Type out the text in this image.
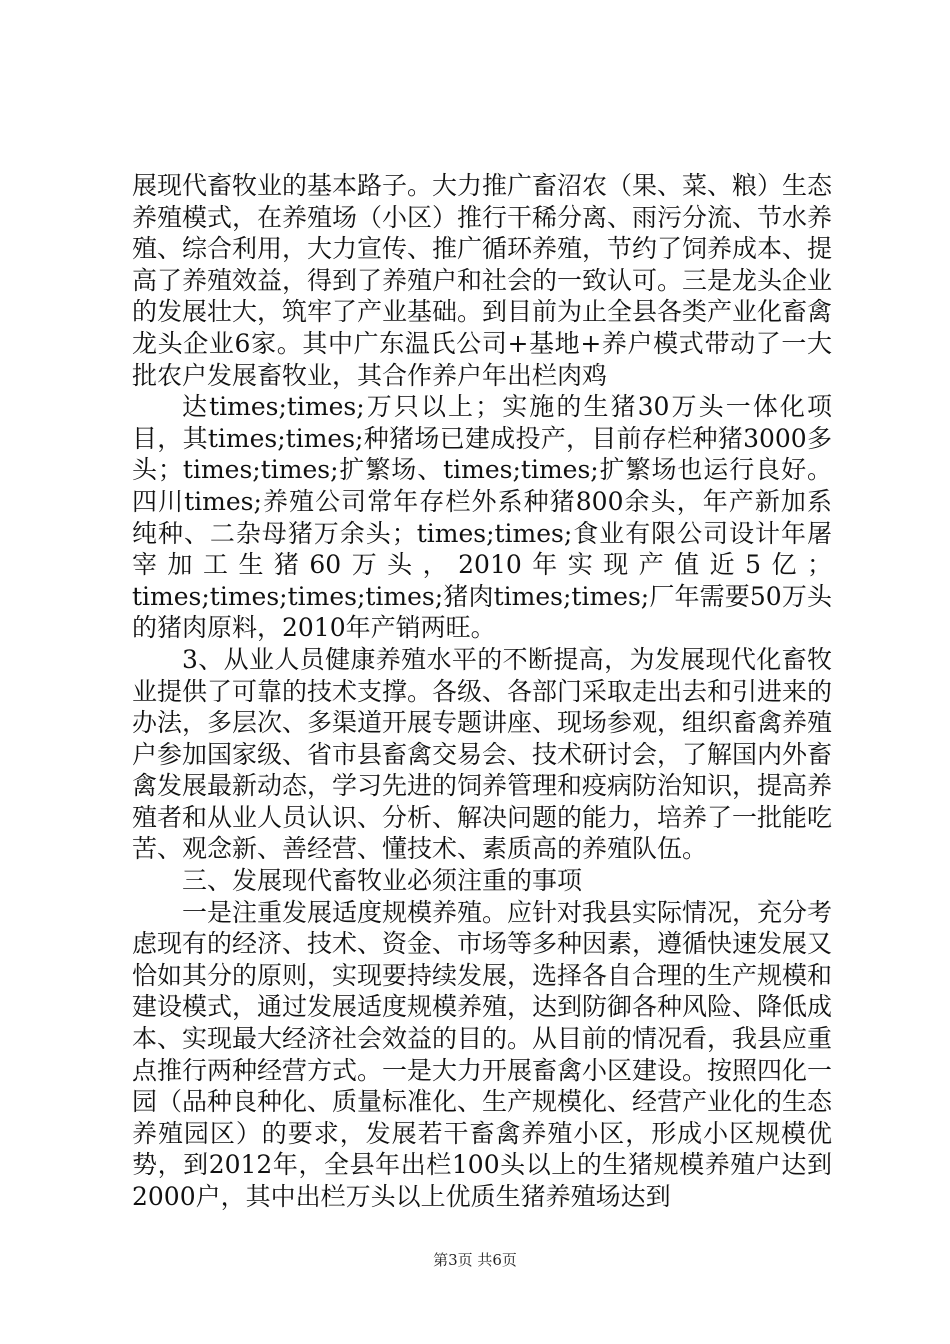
展现代畜牧业的基本路子。大力推广畜沼农（果、菜、粮）生态养殖模式，在养殖场（小区）推行干稀分离、雨污分流、节水养殖、综合利用，大力宣传、推广循环养殖，节约了饲养成本、提高了养殖效益，得到了养殖户和社会的一致认可。三是龙头企业的发展壮大，筑牢了产业基础。到目前为止全县各类产业化畜禽龙头企业6家。其中广东温氏公司+基地+养户模式带动了一大批农户发展畜牧业，其合作养户年出栏肉鸡

达times;times;万只以上；实施的生猪30万头一体化项目，其times;times;种猪场已建成投产，目前存栏种猪3000多头；times;times;扩繁场、times;times;扩繁场也运行良好。四川times;养殖公司常年存栏外系种猪800余头，年产新加系纯种、二杂母猪万余头；times;times;食业有限公司设计年屠宰加工生猪60万头，2010年实现产值近5亿；times;times;times;times;猪肉times;times;厂年需要50万头的猪肉原料，2010年产销两旺。

3、从业人员健康养殖水平的不断提高，为发展现代化畜牧业提供了可靠的技术支撑。各级、各部门采取走出去和引进来的办法，多层次、多渠道开展专题讲座、现场参观，组织畜禽养殖户参加国家级、省市县畜禽交易会、技术研讨会，了解国内外畜禽发展最新动态，学习先进的饲养管理和疫病防治知识，提高养殖者和从业人员认识、分析、解决问题的能力，培养了一批能吃苦、观念新、善经营、懂技术、素质高的养殖队伍。

三、发展现代畜牧业必须注重的事项

一是注重发展适度规模养殖。应针对我县实际情况，充分考虑现有的经济、技术、资金、市场等多种因素，遵循快速发展又恰如其分的原则，实现要持续发展，选择各自合理的生产规模和建设模式，通过发展适度规模养殖，达到防御各种风险、降低成本、实现最大经济社会效益的目的。从目前的情况看，我县应重点推行两种经营方式。一是大力开展畜禽小区建设。按照四化一园（品种良种化、质量标准化、生产规模化、经营产业化的生态养殖园区）的要求，发展若干畜禽养殖小区，形成小区规模优势，到2012年，全县年出栏100头以上的生猪规模养殖户达到2000户，其中出栏万头以上优质生猪养殖场达到

第3页 共6页
